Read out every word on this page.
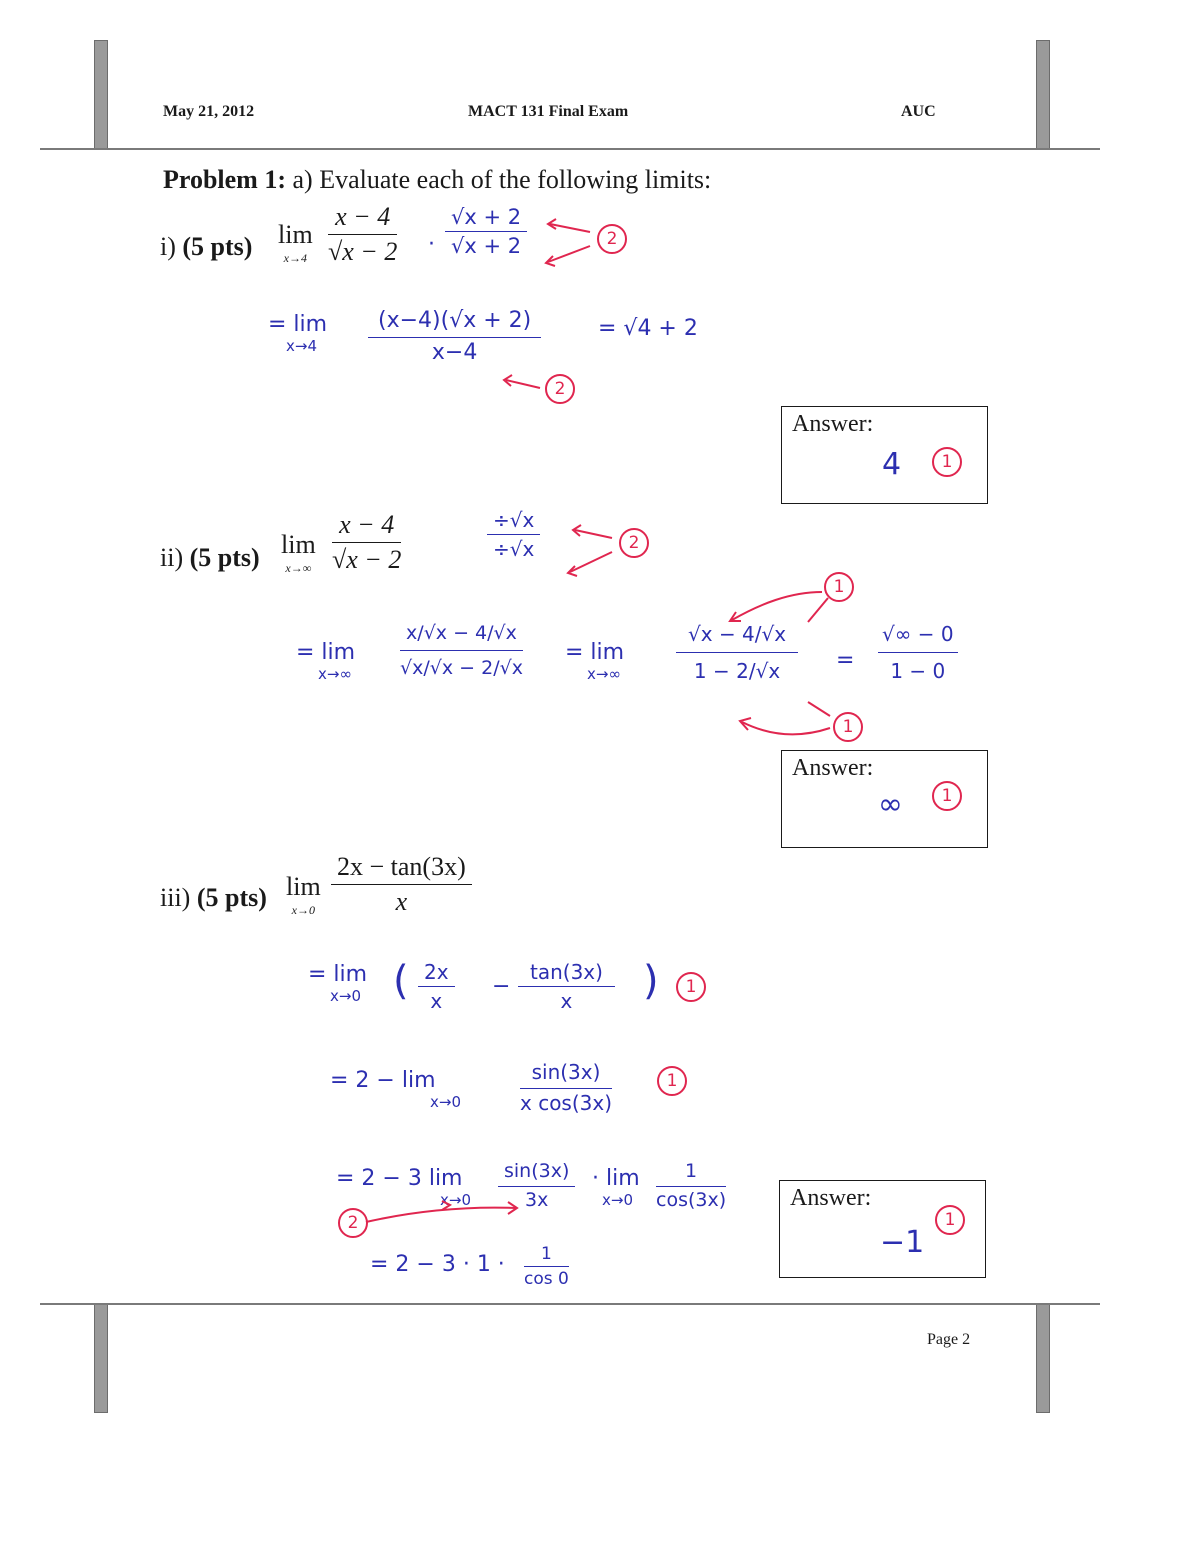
May 21, 2012	MACT 131 Final Exam	AUC
Problem 1: a) Evaluate each of the following limits:
i) (5 pts) lim
$x\to 4 \frac{x - 4}{√x - 2} \cdot \frac{√x + 2}{√x + 2}$	2
= lim
x→4	$\frac{(x-4)(√x + 2)}{x-4}$
2
= √4 + 2
Answer:
4	1
ii) (5 pts) lim
$x\to\infty \frac{x - 4}{√x - 2}$	$\frac{\div√x}{\div√x}$	2
= lim
x→∞	$\frac{x/√x - 4/√x}{√x/√x - 2/√x} = \lim$
x→∞	$\frac{√x - 4/√x}{1 - 2/√x} = \frac{√\infty - 0}{1 - 0}$
1
1
Answer:
∞	1
iii) (5 pts) lim
$x\to 0 \frac{2x - \tan(3x)}{x}$
= lim
x→0 ( $\frac{2x}{x} - \frac{\tan(3x)}{x}$ )	1
= 2 − lim
x→0	$\frac{\sin(3x)}{\text{x cos(3x)}}$	1
= 2 − 3 lim
$x\to 0 \frac{\sin(3x)}{3x} \cdot \lim$
x→0	$\frac{1}{\cos(3x)}$
2
= $2 - 3 \cdot 1 \cdot \frac{1}{\cos 0}$
Answer:
−1
1
Page 2
